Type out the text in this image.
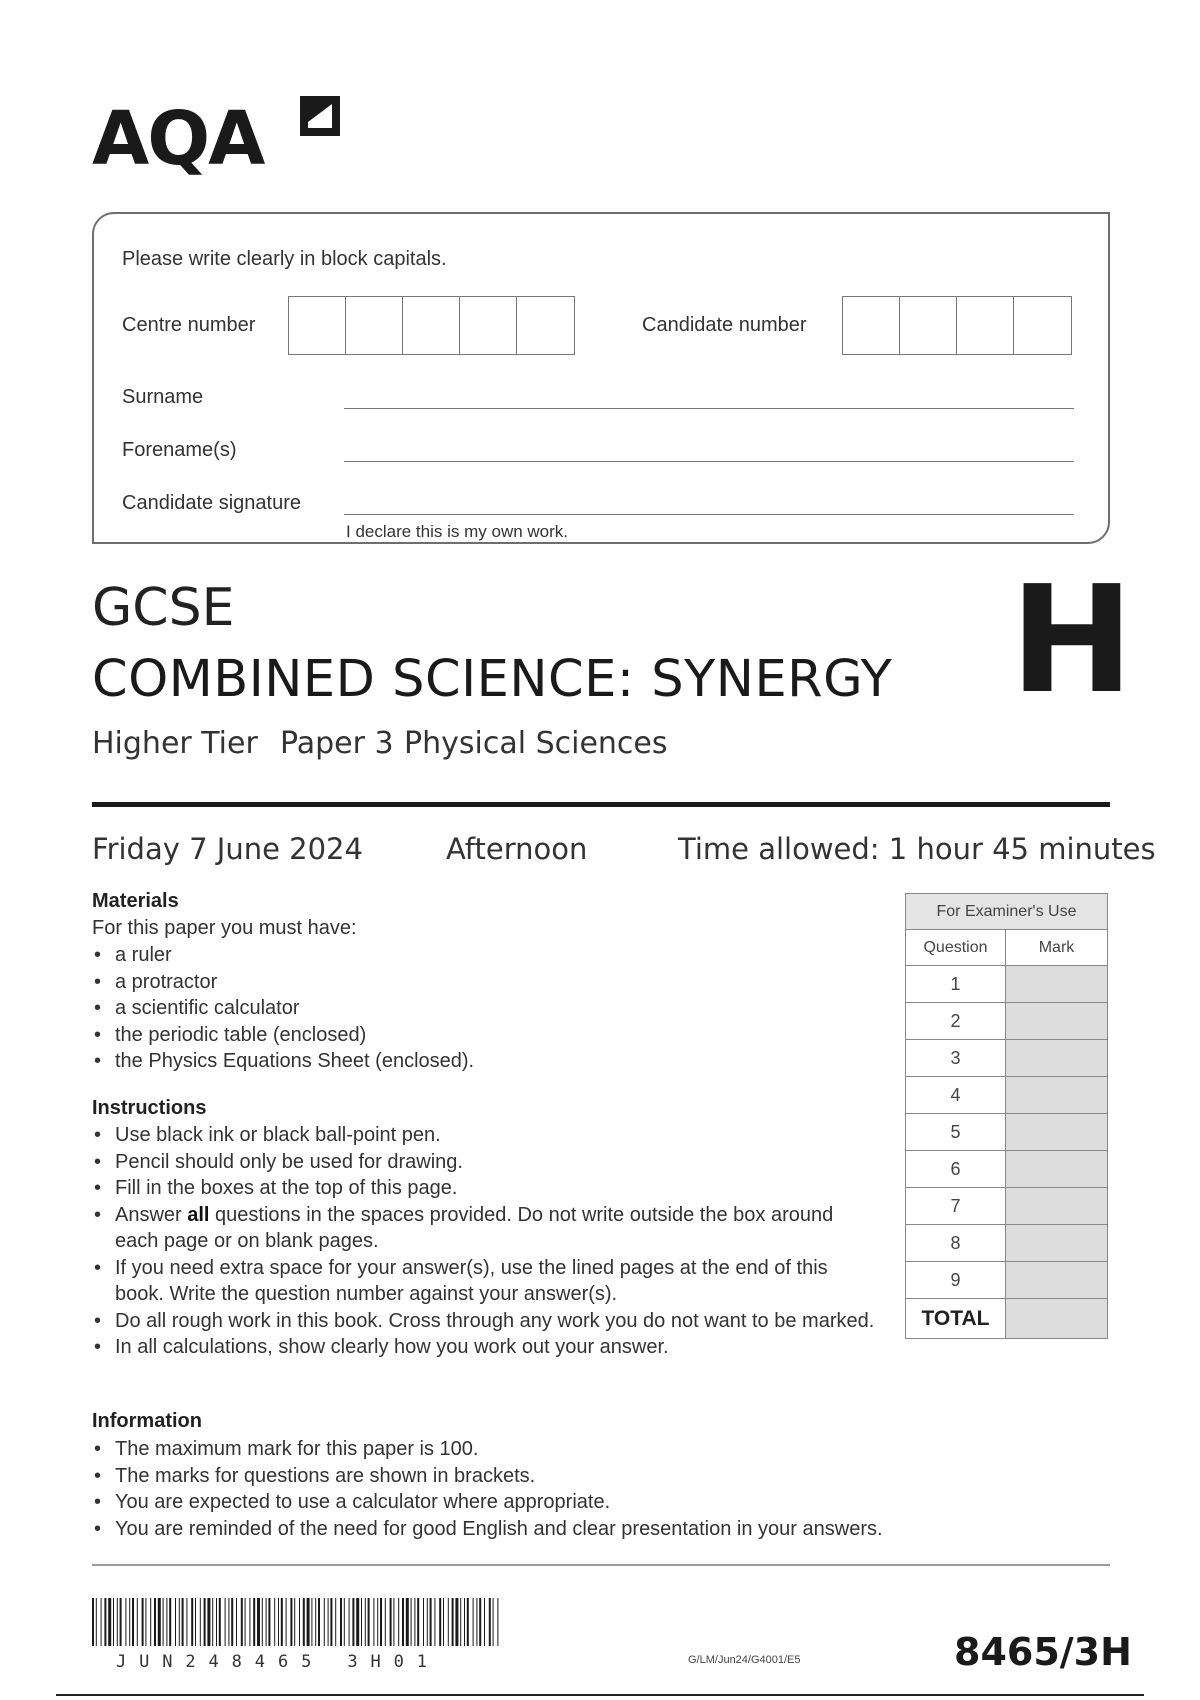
AQA
Please write clearly in block capitals.
Centre number	Candidate number
Surname
Forename(s)
Candidate signature
I declare this is my own work.
GCSE
COMBINED SCIENCE: SYNERGY H
Higher Tier Paper 3 Physical Sciences
Friday 7 June 2024	Afternoon	Time allowed: 1 hour 45 minutes
Materials
For this paper you must have:
• a ruler
• a protractor
• a scientific calculator
• the periodic table (enclosed)
• the Physics Equations Sheet (enclosed).
Instructions
• Use black ink or black ball-point pen.
• Pencil should only be used for drawing.
• Fill in the boxes at the top of this page.
• Answer all questions in the spaces provided. Do not write outside the box around each page or on blank pages.
• If you need extra space for your answer(s), use the lined pages at the end of this book. Write the question number against your answer(s).
• Do all rough work in this book. Cross through any work you do not want to be marked.
• In all calculations, show clearly how you work out your answer.
Information
• The maximum mark for this paper is 100.
• The marks for questions are shown in brackets.
• You are expected to use a calculator where appropriate.
• You are reminded of the need for good English and clear presentation in your answers.
For Examiner's Use	
Question	Mark
1	
2	
3	
4	
5	
6	
7	
8	
9	
TOTAL	
JUN248465 3H01	G/LM/Jun24/G4001/E5	8465/3H
